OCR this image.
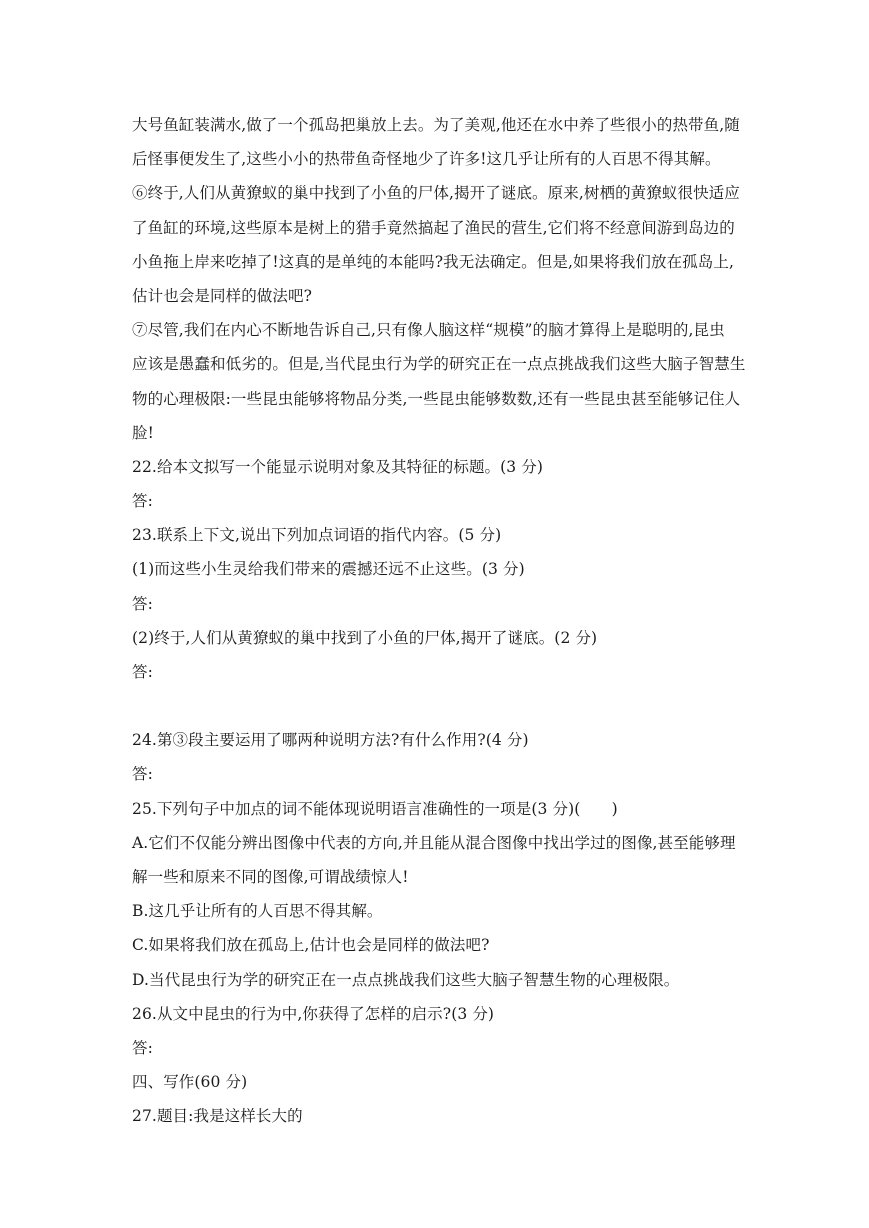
大号鱼缸装满水,做了一个孤岛把巢放上去。为了美观,他还在水中养了些很小的热带鱼,随
后怪事便发生了,这些小小的热带鱼奇怪地少了许多!这几乎让所有的人百思不得其解。
⑥终于,人们从黄獠蚁的巢中找到了小鱼的尸体,揭开了谜底。原来,树栖的黄獠蚁很快适应
了鱼缸的环境,这些原本是树上的猎手竟然搞起了渔民的营生,它们将不经意间游到岛边的
小鱼拖上岸来吃掉了!这真的是单纯的本能吗?我无法确定。但是,如果将我们放在孤岛上,
估计也会是同样的做法吧?
⑦尽管,我们在内心不断地告诉自己,只有像人脑这样“规模”的脑才算得上是聪明的,昆虫
应该是愚蠢和低劣的。但是,当代昆虫行为学的研究正在一点点挑战我们这些大脑子智慧生
物的心理极限:一些昆虫能够将物品分类,一些昆虫能够数数,还有一些昆虫甚至能够记住人
脸!
22.给本文拟写一个能显示说明对象及其特征的标题。(3 分)
答:
23.联系上下文,说出下列加点词语的指代内容。(5 分)
(1)而这些小生灵给我们带来的震撼还远不止这些。(3 分)
答:
(2)终于,人们从黄獠蚁的巢中找到了小鱼的尸体,揭开了谜底。(2 分)
答:
24.第③段主要运用了哪两种说明方法?有什么作用?(4 分)
答:
25.下列句子中加点的词不能体现说明语言准确性的一项是(3 分)(　　)
A.它们不仅能分辨出图像中代表的方向,并且能从混合图像中找出学过的图像,甚至能够理
解一些和原来不同的图像,可谓战绩惊人!
B.这几乎让所有的人百思不得其解。
C.如果将我们放在孤岛上,估计也会是同样的做法吧?
D.当代昆虫行为学的研究正在一点点挑战我们这些大脑子智慧生物的心理极限。
26.从文中昆虫的行为中,你获得了怎样的启示?(3 分)
答:
四、写作(60 分)
27.题目:我是这样长大的
